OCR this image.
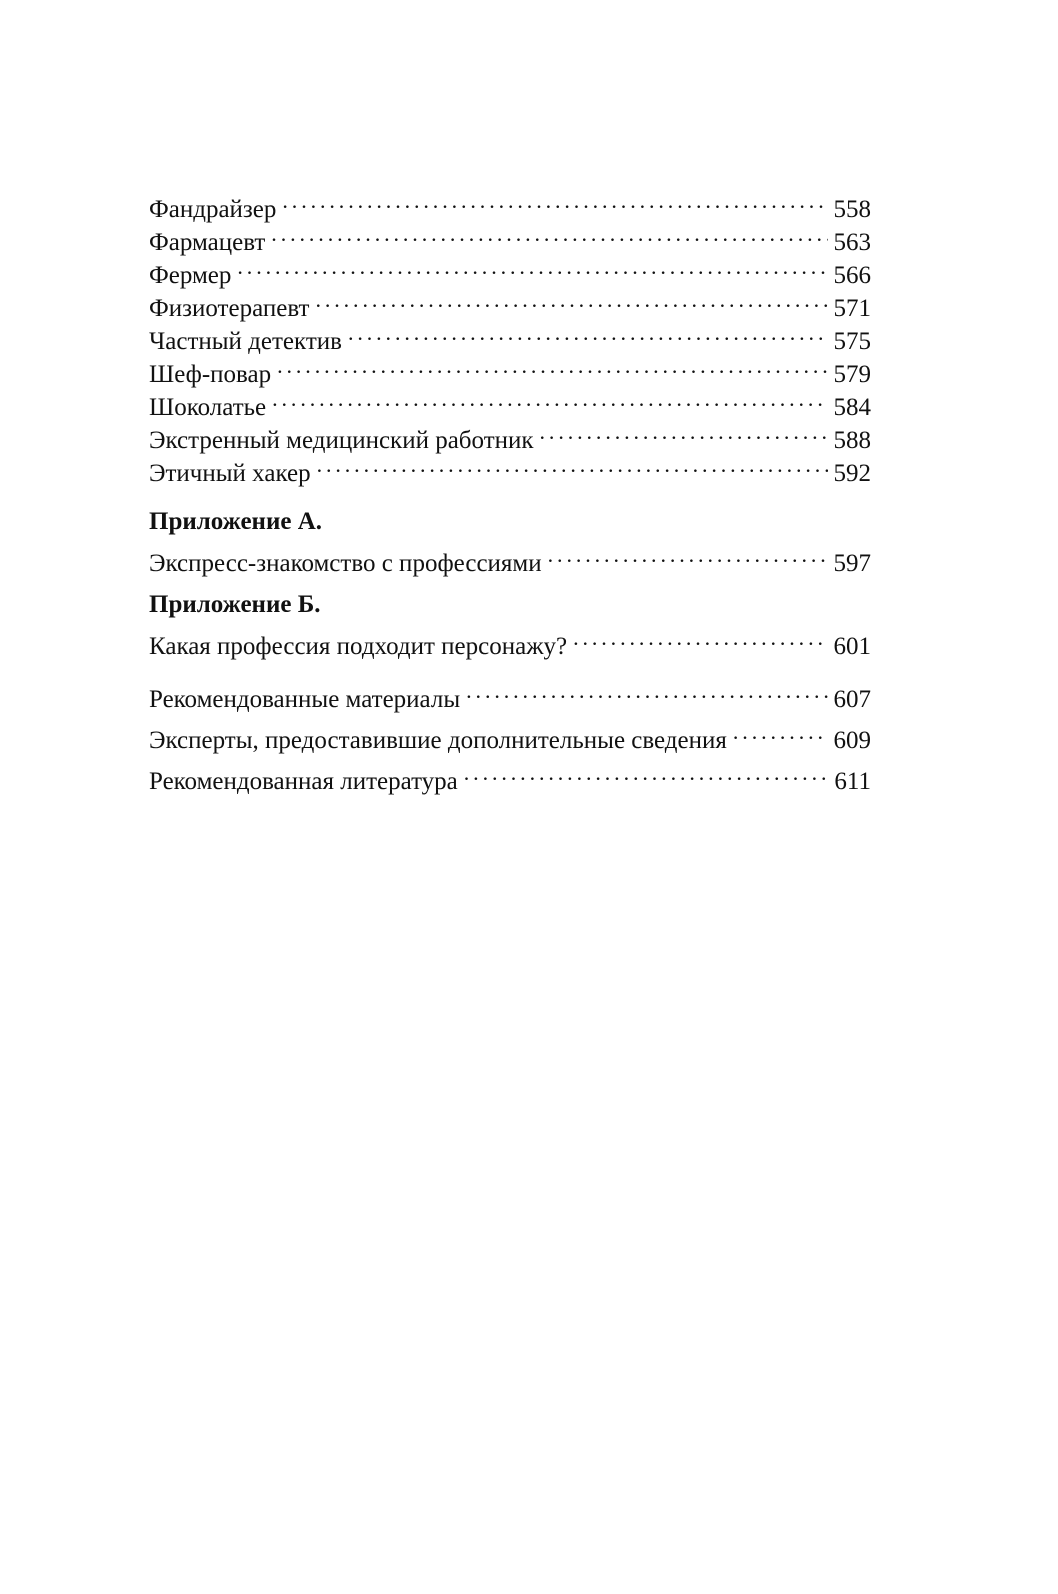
Фандрайзер . . .	558
Фармацевт . . .	563
Фермер . . .	566
Физиотерапевт . . .	571
Частный детектив . . .	575
Шеф-повар . . .	579
Шоколатье . . .	584
Экстренный медицинский работник . . .	588
Этичный хакер . . .	592
Приложение А.
Экспресс-знакомство с профессиями . . .	597
Приложение Б.
Какая профессия подходит персонажу? . . .	601
Рекомендованные материалы . . .	607
Эксперты, предоставившие дополнительные сведения . . .	609
Рекомендованная литература . . .	611
